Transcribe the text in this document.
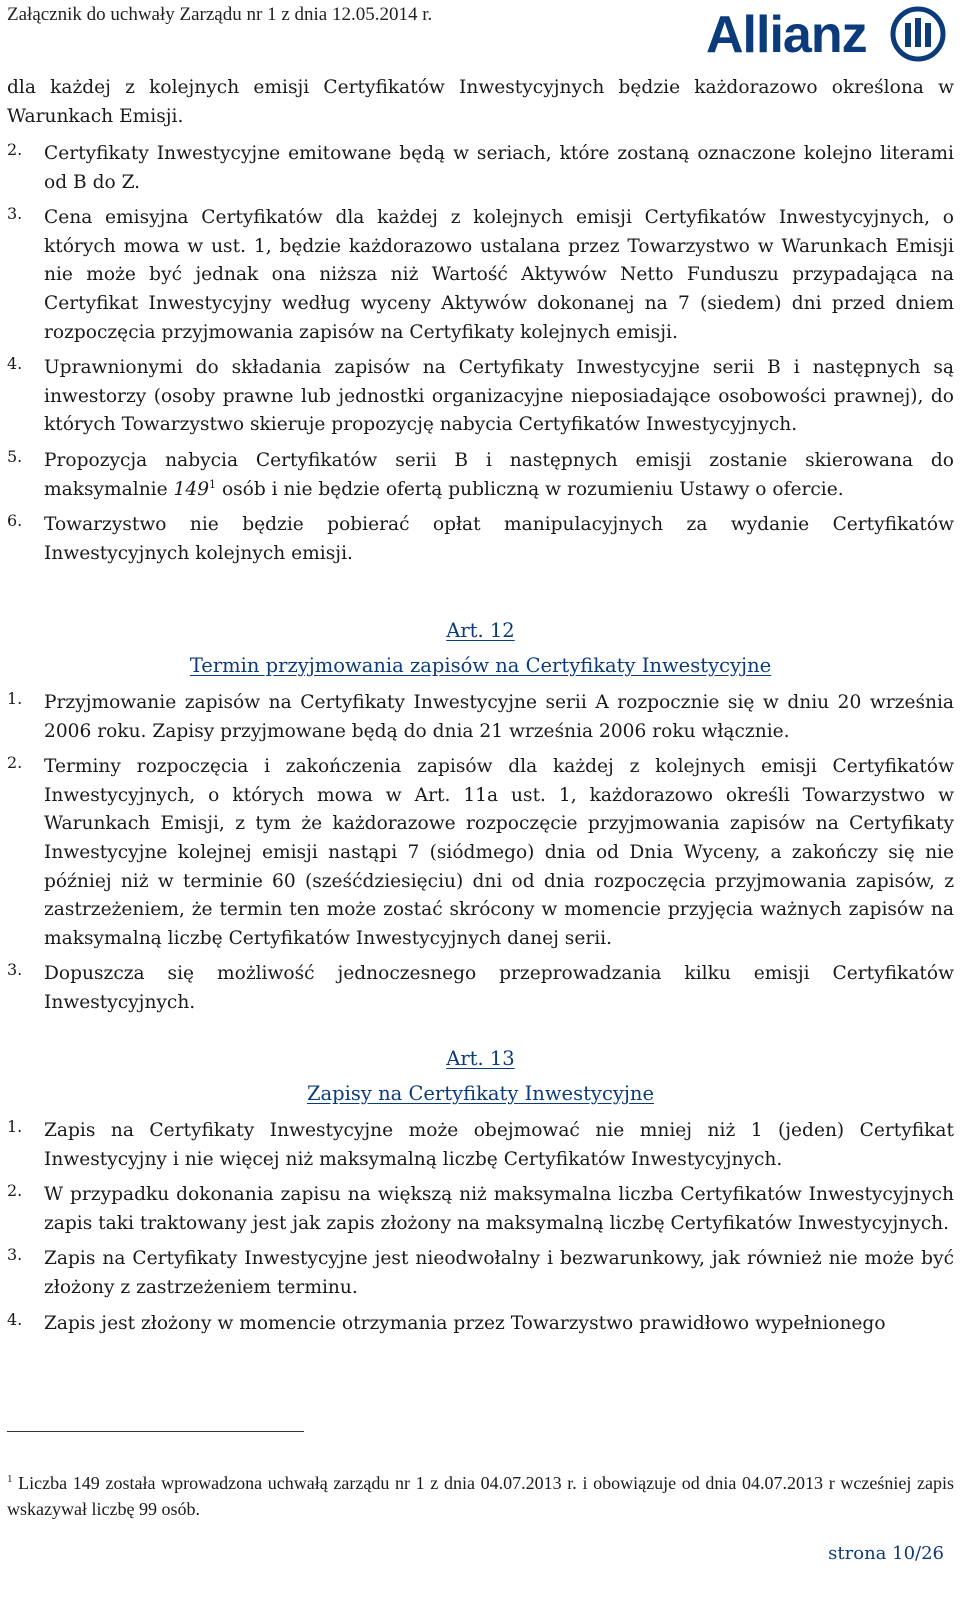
Załącznik do uchwały Zarządu nr 1 z dnia 12.05.2014 r.	Allianz

dla każdej z kolejnych emisji Certyfikatów Inwestycyjnych będzie każdorazowo określona w Warunkach Emisji.

2. Certyfikaty Inwestycyjne emitowane będą w seriach, które zostaną oznaczone kolejno literami od B do Z.
3. Cena emisyjna Certyfikatów dla każdej z kolejnych emisji Certyfikatów Inwestycyjnych, o których mowa w ust. 1, będzie każdorazowo ustalana przez Towarzystwo w Warunkach Emisji nie może być jednak ona niższa niż Wartość Aktywów Netto Funduszu przypadająca na Certyfikat Inwestycyjny według wyceny Aktywów dokonanej na 7 (siedem) dni przed dniem rozpoczęcia przyjmowania zapisów na Certyfikaty kolejnych emisji.
4. Uprawnionymi do składania zapisów na Certyfikaty Inwestycyjne serii B i następnych są inwestorzy (osoby prawne lub jednostki organizacyjne nieposiadające osobowości prawnej), do których Towarzystwo skieruje propozycję nabycia Certyfikatów Inwestycyjnych.
5. Propozycja nabycia Certyfikatów serii B i następnych emisji zostanie skierowana do maksymalnie $149^1$ osób i nie będzie ofertą publiczną w rozumieniu Ustawy o ofercie.
6. Towarzystwo nie będzie pobierać opłat manipulacyjnych za wydanie Certyfikatów Inwestycyjnych kolejnych emisji.
Art. 12
Termin przyjmowania zapisów na Certyfikaty Inwestycyjne
1. Przyjmowanie zapisów na Certyfikaty Inwestycyjne serii A rozpocznie się w dniu 20 września 2006 roku. Zapisy przyjmowane będą do dnia 21 września 2006 roku włącznie.
2. Terminy rozpoczęcia i zakończenia zapisów dla każdej z kolejnych emisji Certyfikatów Inwestycyjnych, o których mowa w Art. 11a ust. 1, każdorazowo określi Towarzystwo w Warunkach Emisji, z tym że każdorazowe rozpoczęcie przyjmowania zapisów na Certyfikaty Inwestycyjne kolejnej emisji nastąpi 7 (siódmego) dnia od Dnia Wyceny, a zakończy się nie później niż w terminie 60 (sześćdziesięciu) dni od dnia rozpoczęcia przyjmowania zapisów, z zastrzeżeniem, że termin ten może zostać skrócony w momencie przyjęcia ważnych zapisów na maksymalną liczbę Certyfikatów Inwestycyjnych danej serii.
3. Dopuszcza się możliwość jednoczesnego przeprowadzania kilku emisji Certyfikatów Inwestycyjnych.
Art. 13
Zapisy na Certyfikaty Inwestycyjne
1. Zapis na Certyfikaty Inwestycyjne może obejmować nie mniej niż 1 (jeden) Certyfikat Inwestycyjny i nie więcej niż maksymalną liczbę Certyfikatów Inwestycyjnych.
2. W przypadku dokonania zapisu na większą niż maksymalna liczba Certyfikatów Inwestycyjnych zapis taki traktowany jest jak zapis złożony na maksymalną liczbę Certyfikatów Inwestycyjnych.
3. Zapis na Certyfikaty Inwestycyjne jest nieodwołalny i bezwarunkowy, jak również nie może być złożony z zastrzeżeniem terminu.
4. Zapis jest złożony w momencie otrzymania przez Towarzystwo prawidłowo wypełnionego
$^1$ Liczba 149 została wprowadzona uchwałą zarządu nr 1 z dnia 04.07.2013 r. i obowiązuje od dnia 04.07.2013 r wcześniej zapis wskazywał liczbę 99 osób.
strona 10/26
